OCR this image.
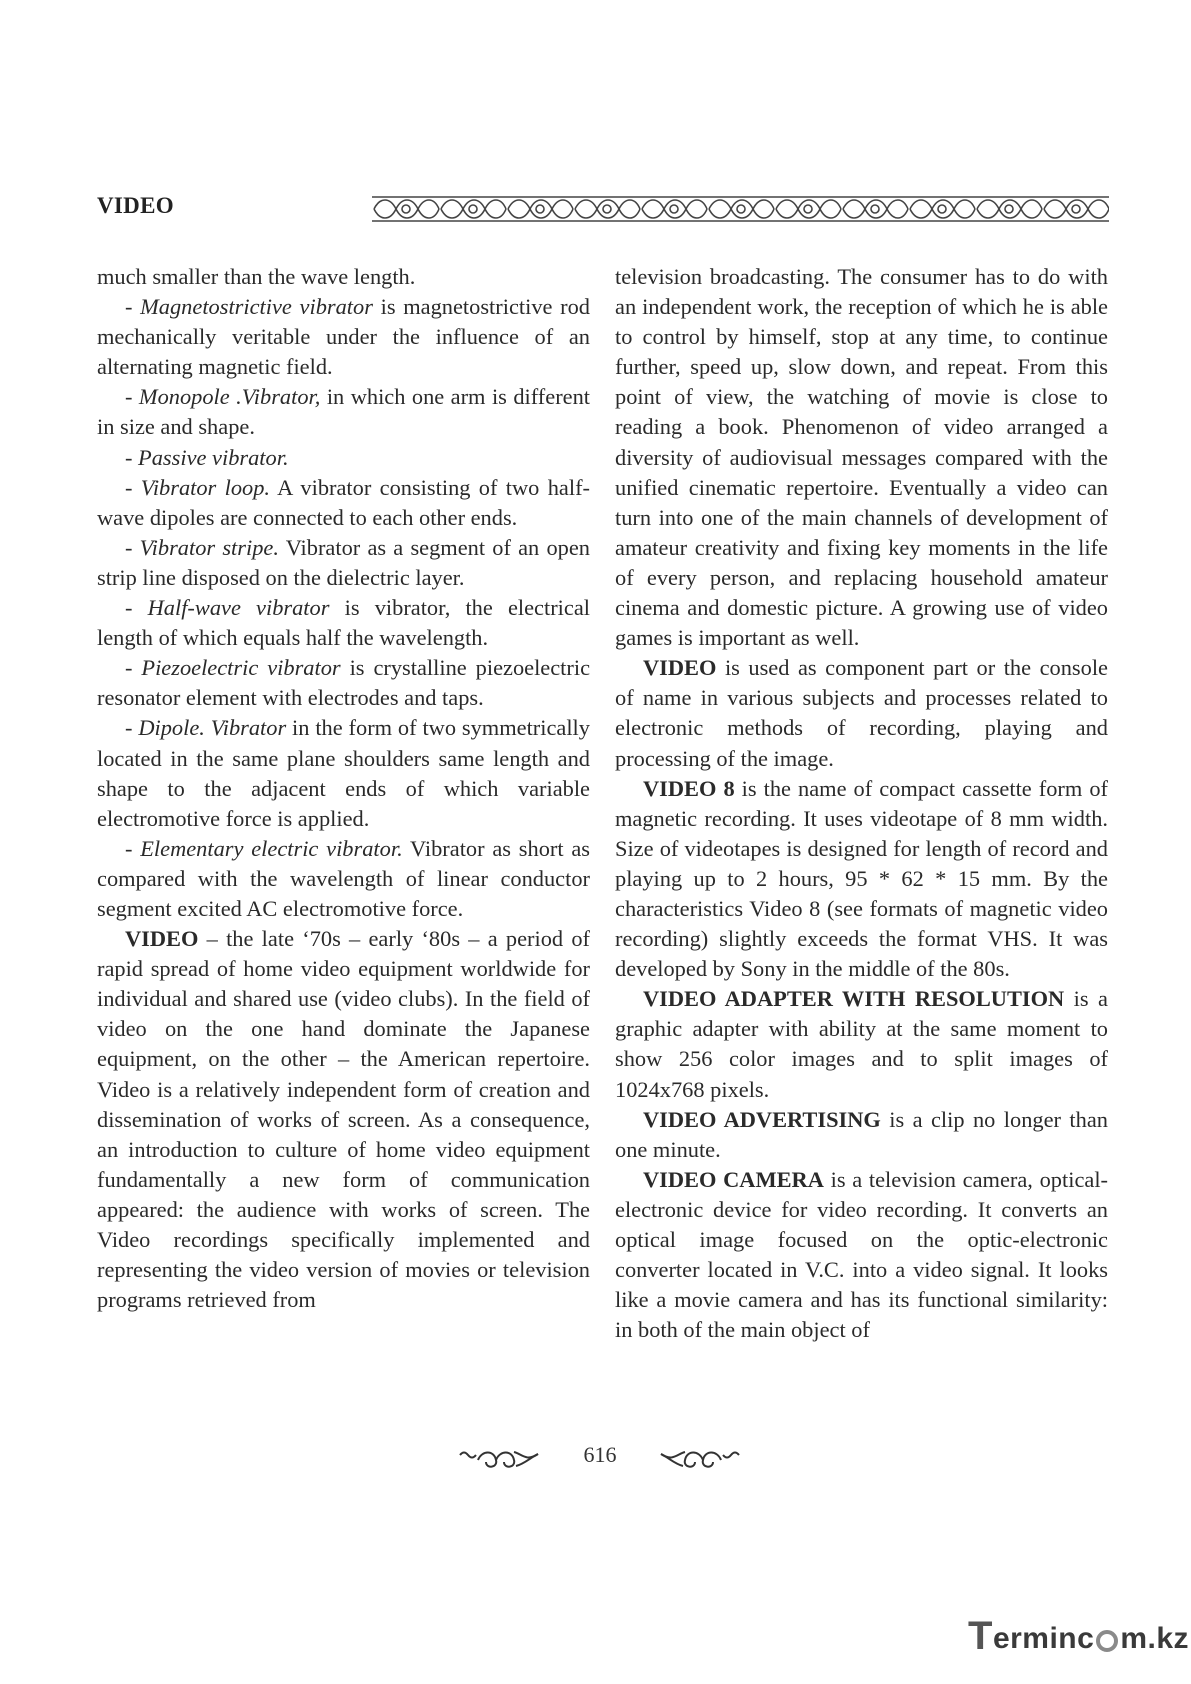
VIDEO

much smaller than the wave length.

- Magnetostrictive vibrator is magnetostrictive rod mechanically veritable under the influence of an alternating magnetic field.

- Monopole .Vibrator, in which one arm is different in size and shape.

- Passive vibrator.

- Vibrator loop. A vibrator consisting of two half-wave dipoles are connected to each other ends.

- Vibrator stripe. Vibrator as a segment of an open strip line disposed on the dielectric layer.

- Half-wave vibrator is vibrator, the electrical length of which equals half the wavelength.

- Piezoelectric vibrator is crystalline piezoelectric resonator element with electrodes and taps.

- Dipole. Vibrator in the form of two symmetrically located in the same plane shoulders same length and shape to the adjacent ends of which variable electromotive force is applied.

- Elementary electric vibrator. Vibrator as short as compared with the wavelength of linear conductor segment excited AC electromotive force.

VIDEO – the late ‘70s – early ‘80s – a period of rapid spread of home video equipment worldwide for individual and shared use (video clubs). In the field of video on the one hand dominate the Japanese equipment, on the other – the American repertoire. Video is a relatively independent form of creation and dissemination of works of screen. As a consequence, an introduction to culture of home video equipment fundamentally a new form of communication appeared: the audience with works of screen. The Video recordings specifically implemented and representing the video version of movies or television programs retrieved from

television broadcasting. The consumer has to do with an independent work, the reception of which he is able to control by himself, stop at any time, to continue further, speed up, slow down, and repeat. From this point of view, the watching of movie is close to reading a book. Phenomenon of video arranged a diversity of audiovisual messages compared with the unified cinematic repertoire. Eventually a video can turn into one of the main channels of development of amateur creativity and fixing key moments in the life of every person, and replacing household amateur cinema and domestic picture. A growing use of video games is important as well.

VIDEO is used as component part or the console of name in various subjects and processes related to electronic methods of recording, playing and processing of the image.

VIDEO 8 is the name of compact cassette form of magnetic recording. It uses videotape of 8 mm width. Size of videotapes is designed for length of record and playing up to 2 hours, 95 * 62 * 15 mm. By the characteristics Video 8 (see formats of magnetic video recording) slightly exceeds the format VHS. It was developed by Sony in the middle of the 80s.

VIDEO ADAPTER WITH RESOLUTION is a graphic adapter with ability at the same moment to show 256 color images and to split images of 1024x768 pixels.

VIDEO ADVERTISING is a clip no longer than one minute.

VIDEO CAMERA is a television camera, optical-electronic device for video recording. It converts an optical image focused on the optic-electronic converter located in V.C. into a video signal. It looks like a movie camera and has its functional similarity: in both of the main object of

616
T erminc m.kz
